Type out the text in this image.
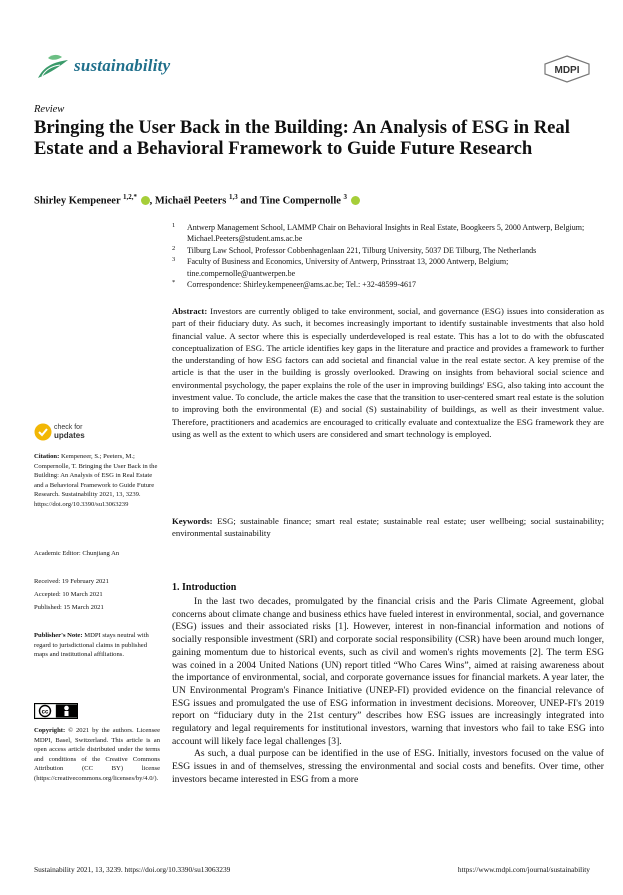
sustainability	MDPI
Review
Bringing the User Back in the Building: An Analysis of ESG in Real Estate and a Behavioral Framework to Guide Future Research
Shirley Kempeneer $^{1,2,*}$ , Michaël Peeters $^{1,3}$ and Tine Compernolle $^3$
1 Antwerp Management School, LAMMP Chair on Behavioral Insights in Real Estate, Boogkeers 5, 2000 Antwerp, Belgium; Michael.Peeters@student.ams.ac.be
2 Tilburg Law School, Professor Cobbenhagenlaan 221, Tilburg University, 5037 DE Tilburg, The Netherlands
3 Faculty of Business and Economics, University of Antwerp, Prinsstraat 13, 2000 Antwerp, Belgium; tine.compernolle@uantwerpen.be
* Correspondence: Shirley.kempeneer@ams.ac.be; Tel.: +32-48599-4617
Abstract: Investors are currently obliged to take environment, social, and governance (ESG) issues into consideration as part of their fiduciary duty. As such, it becomes increasingly important to identify sustainable investments that also hold financial value. A sector where this is especially underdeveloped is real estate. This has a lot to do with the obfuscated conceptualization of ESG. The article identifies key gaps in the literature and practice and provides a framework to further the understanding of how ESG factors can add societal and financial value in the real estate sector. A key premise of the article is that the user in the building is grossly overlooked. Drawing on insights from behavioral social science and environmental psychology, the paper explains the role of the user in improving buildings' ESG, also taking into account the investment value. To conclude, the article makes the case that the transition to user-centered smart real estate is the solution to improving both the environmental (E) and social (S) sustainability of buildings, as well as their investment value. Therefore, practitioners and academics are encouraged to critically evaluate and contextualize the ESG framework they are using as well as the extent to which users are considered and smart technology is employed.
Keywords: ESG; sustainable finance; smart real estate; sustainable real estate; user wellbeing; social sustainability; environmental sustainability
check for
updates
Citation: Kempeneer, S.; Peeters, M.; Compernolle, T. Bringing the User Back in the Building: An Analysis of ESG in Real Estate and a Behavioral Framework to Guide Future Research. Sustainability 2021, 13, 3239. https://doi.org/10.3390/su13063239
Academic Editor: Chunjiang An
Received: 19 February 2021
Accepted: 10 March 2021
Published: 15 March 2021
Publisher's Note: MDPI stays neutral with regard to jurisdictional claims in published maps and institutional affiliations.
cc
Copyright: © 2021 by the authors. Licensee MDPI, Basel, Switzerland. This article is an open access article distributed under the terms and conditions of the Creative Commons Attribution (CC BY) license (https://creativecommons.org/licenses/by/4.0/).
1. Introduction

In the last two decades, promulgated by the financial crisis and the Paris Climate Agreement, global concerns about climate change and business ethics have fueled interest in environmental, social, and governance (ESG) issues and their associated risks [1]. However, interest in non-financial information and notions of socially responsible investment (SRI) and corporate social responsibility (CSR) have been around much longer, gaining momentum due to historical events, such as civil and women's rights movements [2]. The term ESG was coined in a 2004 United Nations (UN) report titled “Who Cares Wins”, aimed at raising awareness about the importance of environmental, social, and corporate governance issues for financial markets. A year later, the UN Environmental Program's Finance Initiative (UNEP-FI) provided evidence on the financial relevance of ESG issues and promulgated the use of ESG information in investment decisions. Moreover, UNEP-FI's 2019 report on “fiduciary duty in the 21st century” describes how ESG issues are increasingly integrated into regulatory and legal requirements for institutional investors, warning that investors who fail to take ESG into account will likely face legal challenges [3].

As such, a dual purpose can be identified in the use of ESG. Initially, investors focused on the value of ESG issues in and of themselves, stressing the environmental and social costs and benefits. Over time, other investors became interested in ESG from a more

Sustainability 2021, 13, 3239. https://doi.org/10.3390/su13063239	https://www.mdpi.com/journal/sustainability
